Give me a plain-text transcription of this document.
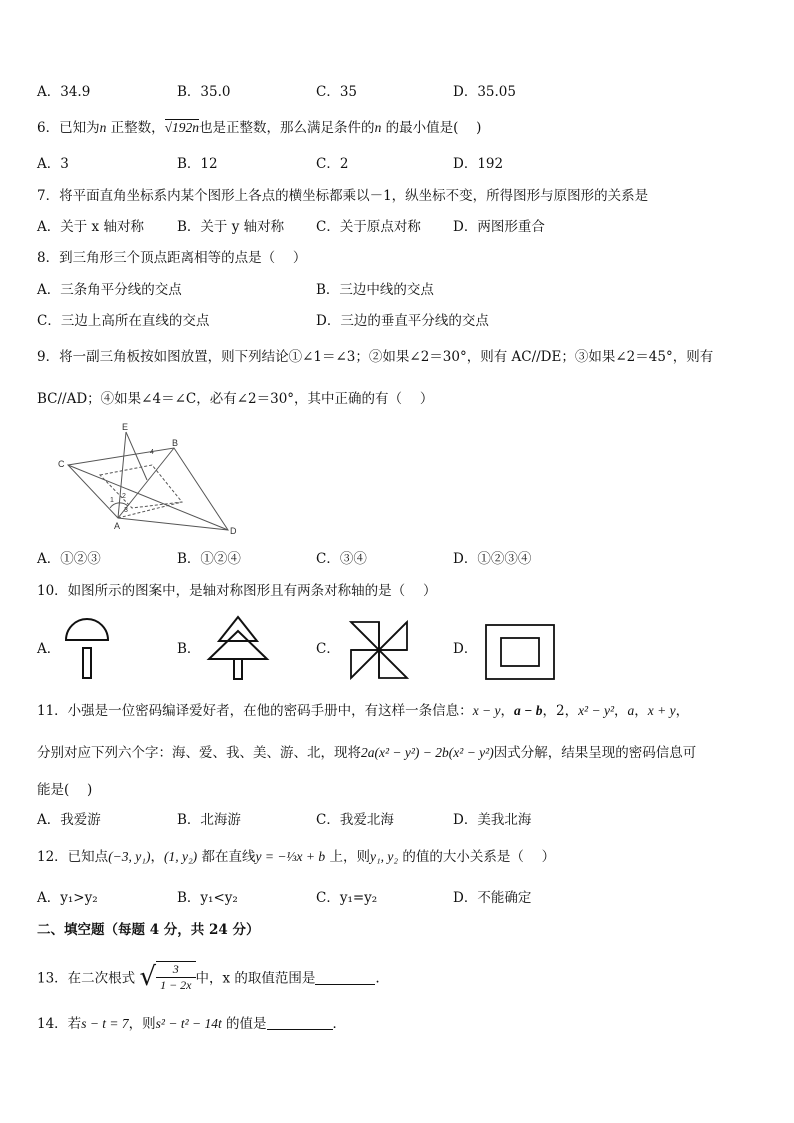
A．34.9	B．35.0	C．35	D．35.05
6．已知为n 正整数，√192n也是正整数，那么满足条件的n 的最小值是(　 )
A．3	B．12	C．2	D．192
7．将平面直角坐标系内某个图形上各点的横坐标都乘以－1，纵坐标不变，所得图形与原图形的关系是
A．关于 x 轴对称 B．关于 y 轴对称 C．关于原点对称 D．两图形重合
8．到三角形三个顶点距离相等的点是（　 ）
A．三条角平分线的交点	B．三边中线的交点
C．三边上高所在直线的交点	D．三边的垂直平分线的交点
9．将一副三角板按如图放置，则下列结论①∠1＝∠3；②如果∠2＝30°，则有 AC//DE；③如果∠2＝45°，则有
BC//AD；④如果∠4＝∠C，必有∠2＝30°，其中正确的有（　 ）
E
C
B
A	D
1
2
3
4
A．①②③	B．①②④	C．③④	D．①②③④
10．如图所示的图案中，是轴对称图形且有两条对称轴的是（　 ）
A．	B．	C．	D．
11．小强是一位密码编译爱好者，在他的密码手册中，有这样一条信息：x − y，a − b，2，x² − y²，a，x + y，
分别对应下列六个字：海、爱、我、美、游、北，现将2a(x² − y²) − 2b(x² − y²)因式分解，结果呈现的密码信息可
能是(　 )
A．我爱游	B．北海游	C．我爱北海	D．美我北海
12．已知点(−3, y₁)，(1, y₂) 都在直线y = −⅓x + b 上，则y₁, y₂ 的值的大小关系是（　 ）
A．y₁>y₂	B．y₁<y₂	C．y₁=y₂	D．不能确定
二、填空题（每题 4 分，共 24 分）
13．在二次根式 √ $\frac{3}{1 - 2x}$ 中，x 的取值范围是	.
14．若s − t = 7，则s² − t² − 14t 的值是	．
